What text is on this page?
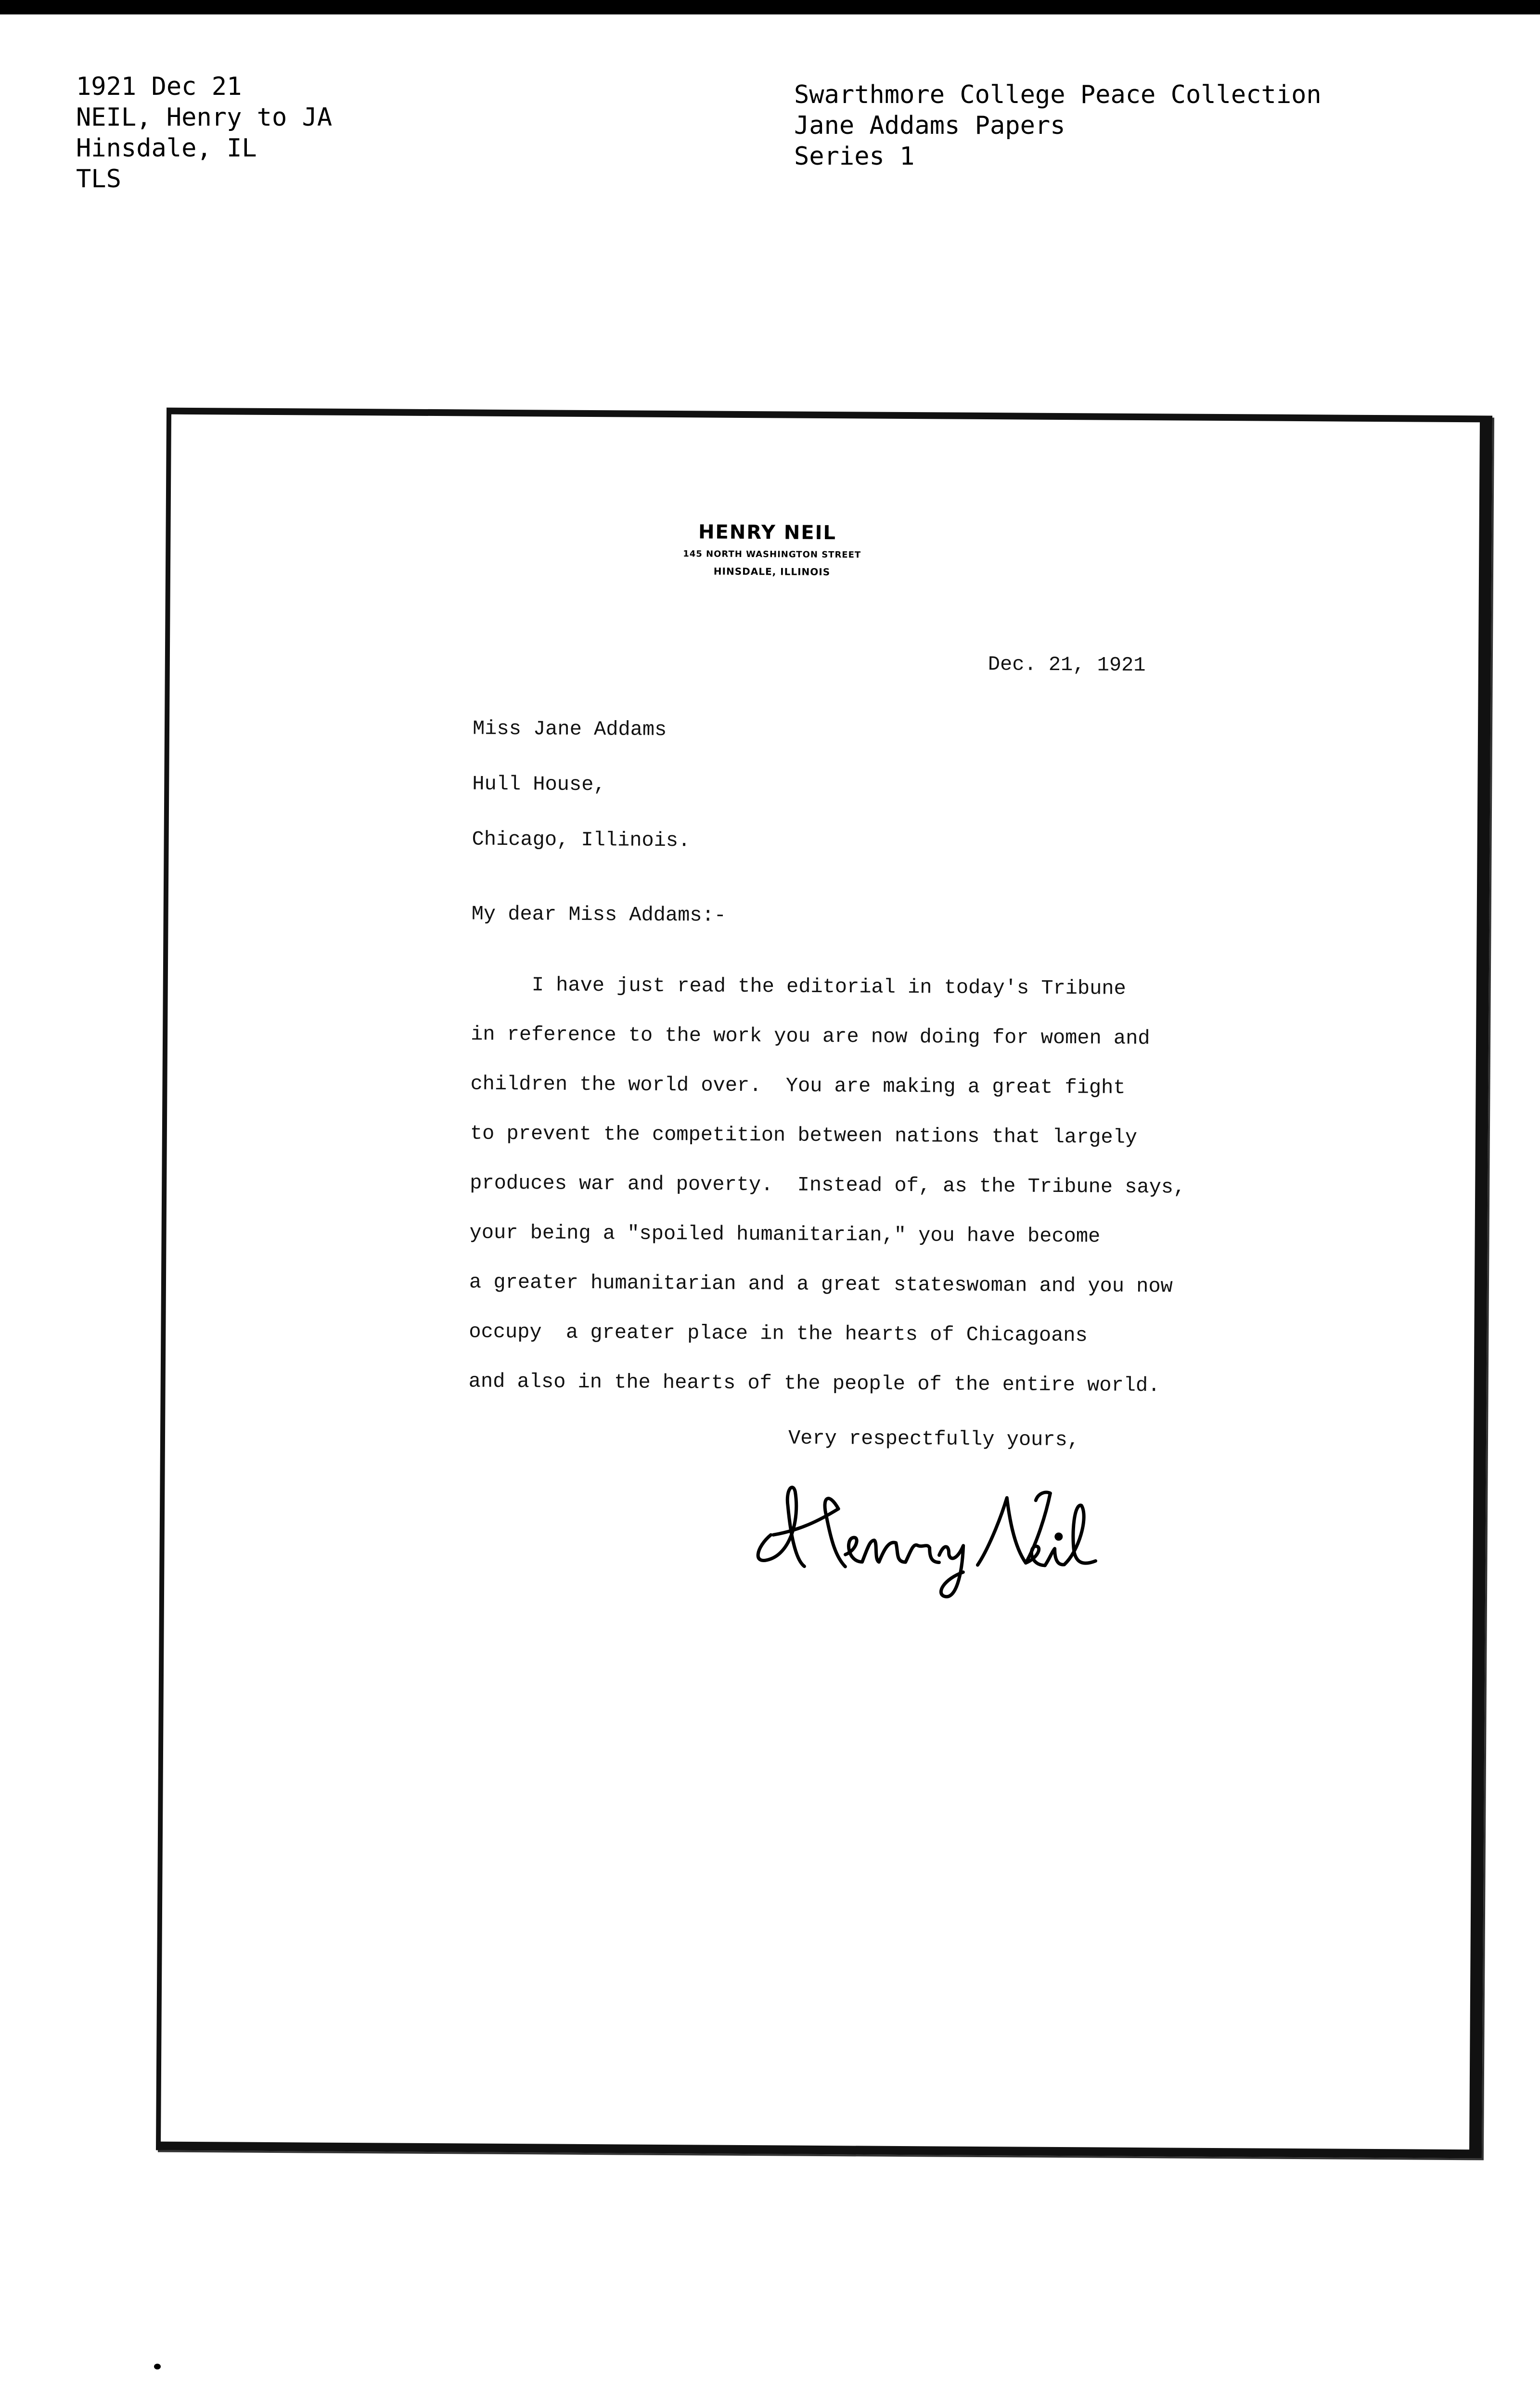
1921 Dec 21
NEIL, Henry to JA
Hinsdale, IL
TLS
Swarthmore College Peace Collection
Jane Addams Papers
Series 1
HENRY NEIL
145 NORTH WASHINGTON STREET
HINSDALE, ILLINOIS
Dec. 21, 1921
Miss Jane Addams
Hull House,
Chicago, Illinois.
My dear Miss Addams:-
I have just read the editorial in today's Tribune
in reference to the work you are now doing for women and
children the world over.  You are making a great fight
to prevent the competition between nations that largely
produces war and poverty.  Instead of, as the Tribune says,
your being a "spoiled humanitarian," you have become
a greater humanitarian and a great stateswoman and you now
occupy  a greater place in the hearts of Chicagoans
and also in the hearts of the people of the entire world.
Very respectfully yours,
